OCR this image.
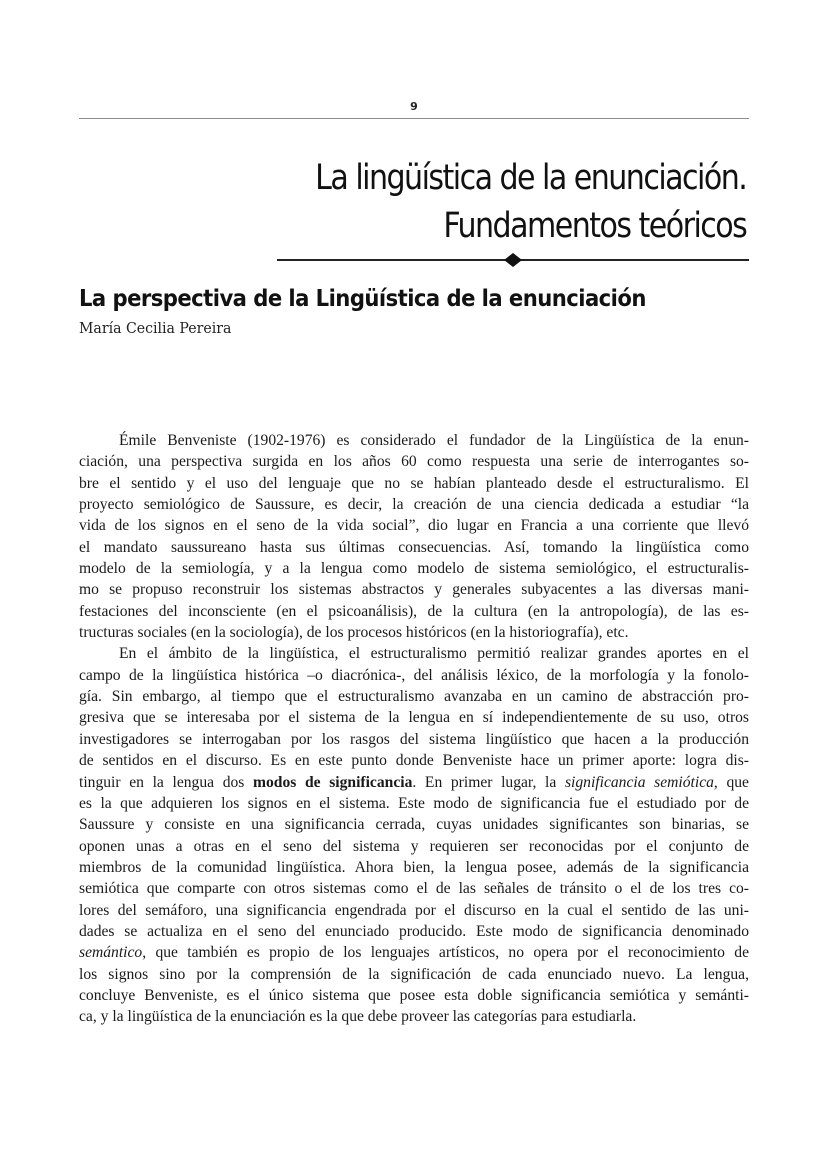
9
La lingüística de la enunciación.
Fundamentos teóricos
La perspectiva de la Lingüística de la enunciación
María Cecilia Pereira
Émile Benveniste (1902-1976) es considerado el fundador de la Lingüística de la enun-
ciación, una perspectiva surgida en los años 60 como respuesta una serie de interrogantes so-
bre el sentido y el uso del lenguaje que no se habían planteado desde el estructuralismo. El
proyecto semiológico de Saussure, es decir, la creación de una ciencia dedicada a estudiar “la
vida de los signos en el seno de la vida social”, dio lugar en Francia a una corriente que llevó
el mandato saussureano hasta sus últimas consecuencias. Así, tomando la lingüística como
modelo de la semiología, y a la lengua como modelo de sistema semiológico, el estructuralis-
mo se propuso reconstruir los sistemas abstractos y generales subyacentes a las diversas mani-
festaciones del inconsciente (en el psicoanálisis), de la cultura (en la antropología), de las es-
tructuras sociales (en la sociología), de los procesos históricos (en la historiografía), etc.
En el ámbito de la lingüística, el estructuralismo permitió realizar grandes aportes en el
campo de la lingüística histórica –o diacrónica-, del análisis léxico, de la morfología y la fonolo-
gía. Sin embargo, al tiempo que el estructuralismo avanzaba en un camino de abstracción pro-
gresiva que se interesaba por el sistema de la lengua en sí independientemente de su uso, otros
investigadores se interrogaban por los rasgos del sistema lingüístico que hacen a la producción
de sentidos en el discurso. Es en este punto donde Benveniste hace un primer aporte: logra dis-
tinguir en la lengua dos modos de significancia. En primer lugar, la significancia semiótica, que
es la que adquieren los signos en el sistema. Este modo de significancia fue el estudiado por de
Saussure y consiste en una significancia cerrada, cuyas unidades significantes son binarias, se
oponen unas a otras en el seno del sistema y requieren ser reconocidas por el conjunto de
miembros de la comunidad lingüística. Ahora bien, la lengua posee, además de la significancia
semiótica que comparte con otros sistemas como el de las señales de tránsito o el de los tres co-
lores del semáforo, una significancia engendrada por el discurso en la cual el sentido de las uni-
dades se actualiza en el seno del enunciado producido. Este modo de significancia denominado
semántico, que también es propio de los lenguajes artísticos, no opera por el reconocimiento de
los signos sino por la comprensión de la significación de cada enunciado nuevo. La lengua,
concluye Benveniste, es el único sistema que posee esta doble significancia semiótica y semánti-
ca, y la lingüística de la enunciación es la que debe proveer las categorías para estudiarla.
